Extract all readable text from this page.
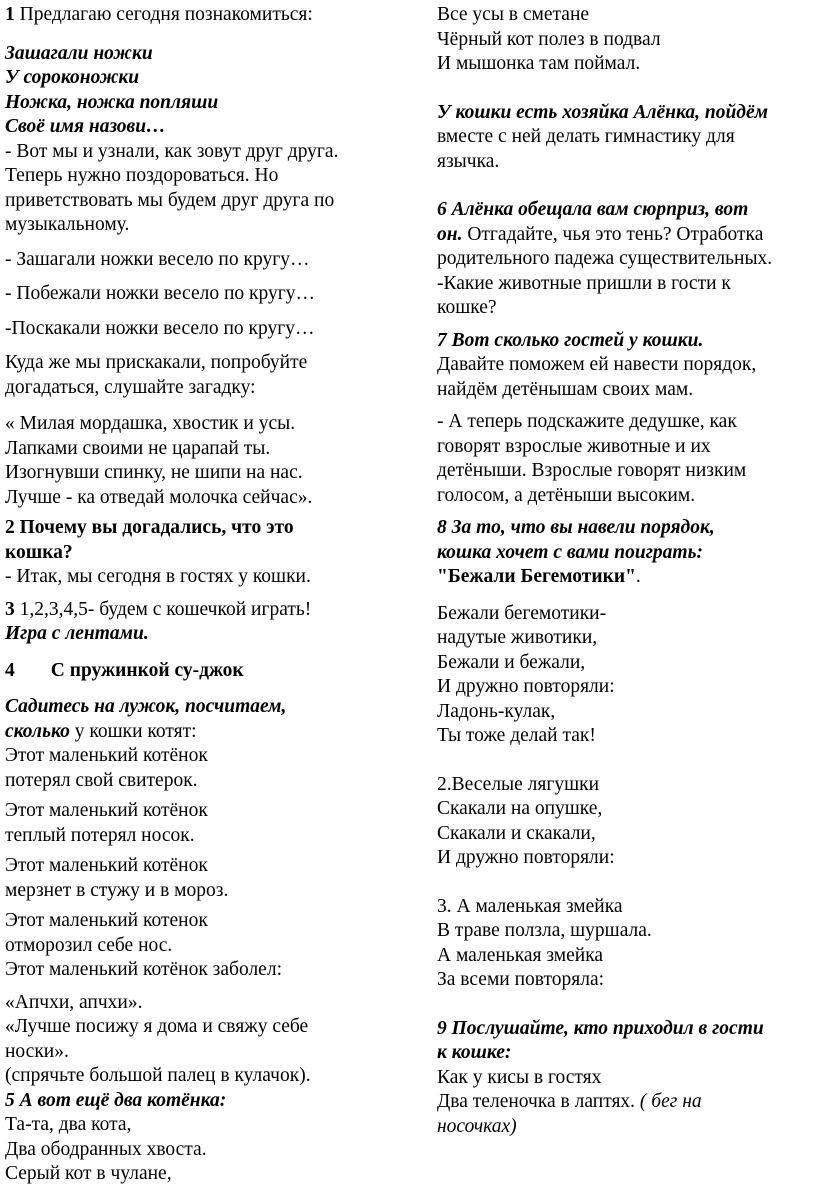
1 Предлагаю сегодня познакомиться:
Зашагали ножки
У сороконожки
Ножка, ножка попляши
Своё имя назови…
- Вот мы и узнали, как зовут друг друга.
Теперь нужно поздороваться. Но
приветствовать мы будем друг друга по
музыкальному.
- Зашагали ножки весело по кругу…
- Побежали ножки весело по кругу…
-Поскакали ножки весело по кругу…
Куда же мы прискакали, попробуйте
догадаться, слушайте загадку:
« Милая мордашка, хвостик и усы.
Лапками своими не царапай ты.
Изогнувши спинку, не шипи на нас.
Лучше - ка отведай молочка сейчас».
2 Почему вы догадались, что это
кошка?
- Итак, мы сегодня в гостях у кошки.
3 1,2,3,4,5- будем с кошечкой играть!
Игра с лентами.
4 С пружинкой су-джок
Садитесь на лужок, посчитаем,
сколько у кошки котят:
Этот маленький котёнок
потерял свой свитерок.
Этот маленький котёнок
теплый потерял носок.
Этот маленький котёнок
мерзнет в стужу и в мороз.
Этот маленький котенок
отморозил себе нос.
Этот маленький котёнок заболел:
«Апчхи, апчхи».
«Лучше посижу я дома и свяжу себе
носки».
(спрячьте большой палец в кулачок).
5 А вот ещё два котёнка:
Та-та, два кота,
Два ободранных хвоста.
Серый кот в чулане,
Все усы в сметане
Чёрный кот полез в подвал
И мышонка там поймал.
У кошки есть хозяйка Алёнка, пойдём
вместе с ней делать гимнастику для
язычка.
6 Алёнка обещала вам сюрприз, вот
он. Отгадайте, чья это тень? Отработка
родительного падежа существительных.
-Какие животные пришли в гости к
кошке?
7 Вот сколько гостей у кошки.
Давайте поможем ей навести порядок,
найдём детёнышам своих мам.
- А теперь подскажите дедушке, как
говорят взрослые животные и их
детёныши. Взрослые говорят низким
голосом, а детёныши высоким.
8 За то, что вы навели порядок,
кошка хочет с вами поиграть:
"Бежали Бегемотики".
Бежали бегемотики-
надутые животики,
Бежали и бежали,
И дружно повторяли:
Ладонь-кулак,
Ты тоже делай так!
2.Веселые лягушки
Скакали на опушке,
Скакали и скакали,
И дружно повторяли:
3. А маленькая змейка
В траве ползла, шуршала.
А маленькая змейка
За всеми повторяла:
9 Послушайте, кто приходил в гости
к кошке:
Как у кисы в гостях
Два теленочка в лаптях. ( бег на
носочках)
